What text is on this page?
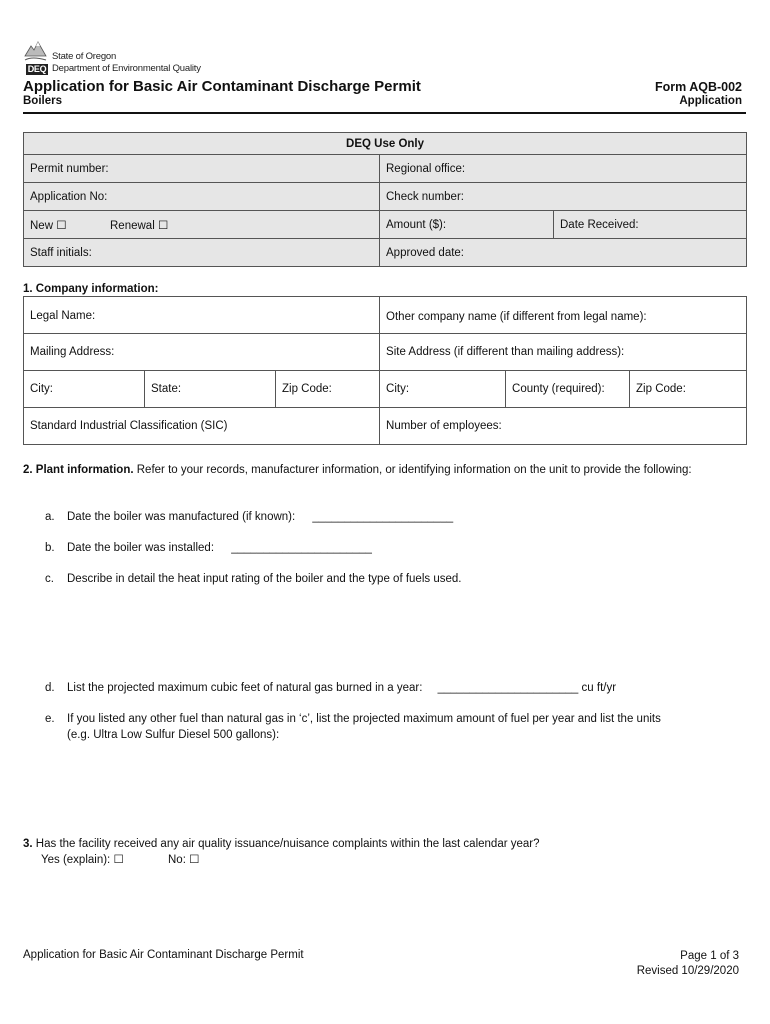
DEQ
State of Oregon
Department of Environmental Quality
Application for Basic Air Contaminant Discharge Permit
Boilers
Form AQB-002
Application
DEQ Use Only		
Permit number:	Regional office:	
Application No:	Check number:	
New ☐ Renewal ☐	Amount ($):	Date Received:
Staff initials:	Approved date:	
1. Company information:
Legal Name:			Other company name (if different from legal name):		
Mailing Address:			Site Address (if different than mailing address):		
City:	State:	Zip Code:	City:	County (required):	Zip Code:
Standard Industrial Classification (SIC)			Number of employees:		
2. Plant information. Refer to your records, manufacturer information, or identifying information on the unit to provide the following:
a. Date the boiler was manufactured (if known): ______________________
b. Date the boiler was installed: ______________________
c. Describe in detail the heat input rating of the boiler and the type of fuels used.
d. List the projected maximum cubic feet of natural gas burned in a year: ______________________ cu ft/yr
e. If you listed any other fuel than natural gas in ‘c’, list the projected maximum amount of fuel per year and list the units
(e.g. Ultra Low Sulfur Diesel 500 gallons):
3. Has the facility received any air quality issuance/nuisance complaints within the last calendar year?
Yes (explain): ☐	No: ☐
Application for Basic Air Contaminant Discharge Permit	Page 1 of 3
Revised 10/29/2020
